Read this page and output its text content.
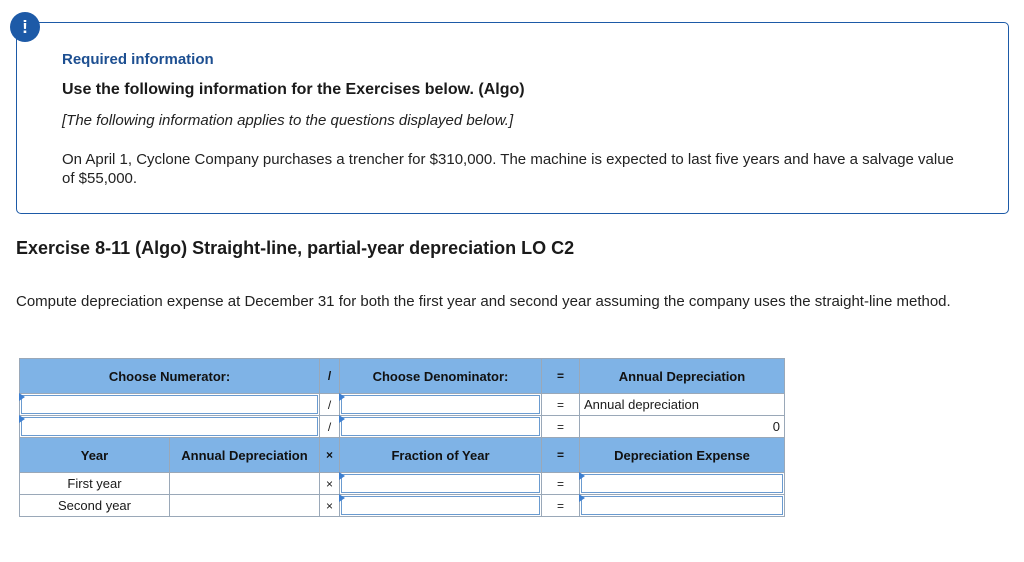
!
Required information
Use the following information for the Exercises below. (Algo)
[The following information applies to the questions displayed below.]
On April 1, Cyclone Company purchases a trencher for $310,000. The machine is expected to last five years and have a salvage value of $55,000.
Exercise 8-11 (Algo) Straight-line, partial-year depreciation LO C2
Compute depreciation expense at December 31 for both the first year and second year assuming the company uses the straight-line method.
Choose Numerator:		/	Choose Denominator:	=	Annual Depreciation

		/		=	Annual depreciation

		/		=	0
Year	Annual Depreciation	×	Fraction of Year	=	Depreciation Expense
First year		×		=	

Second year		×		=	
